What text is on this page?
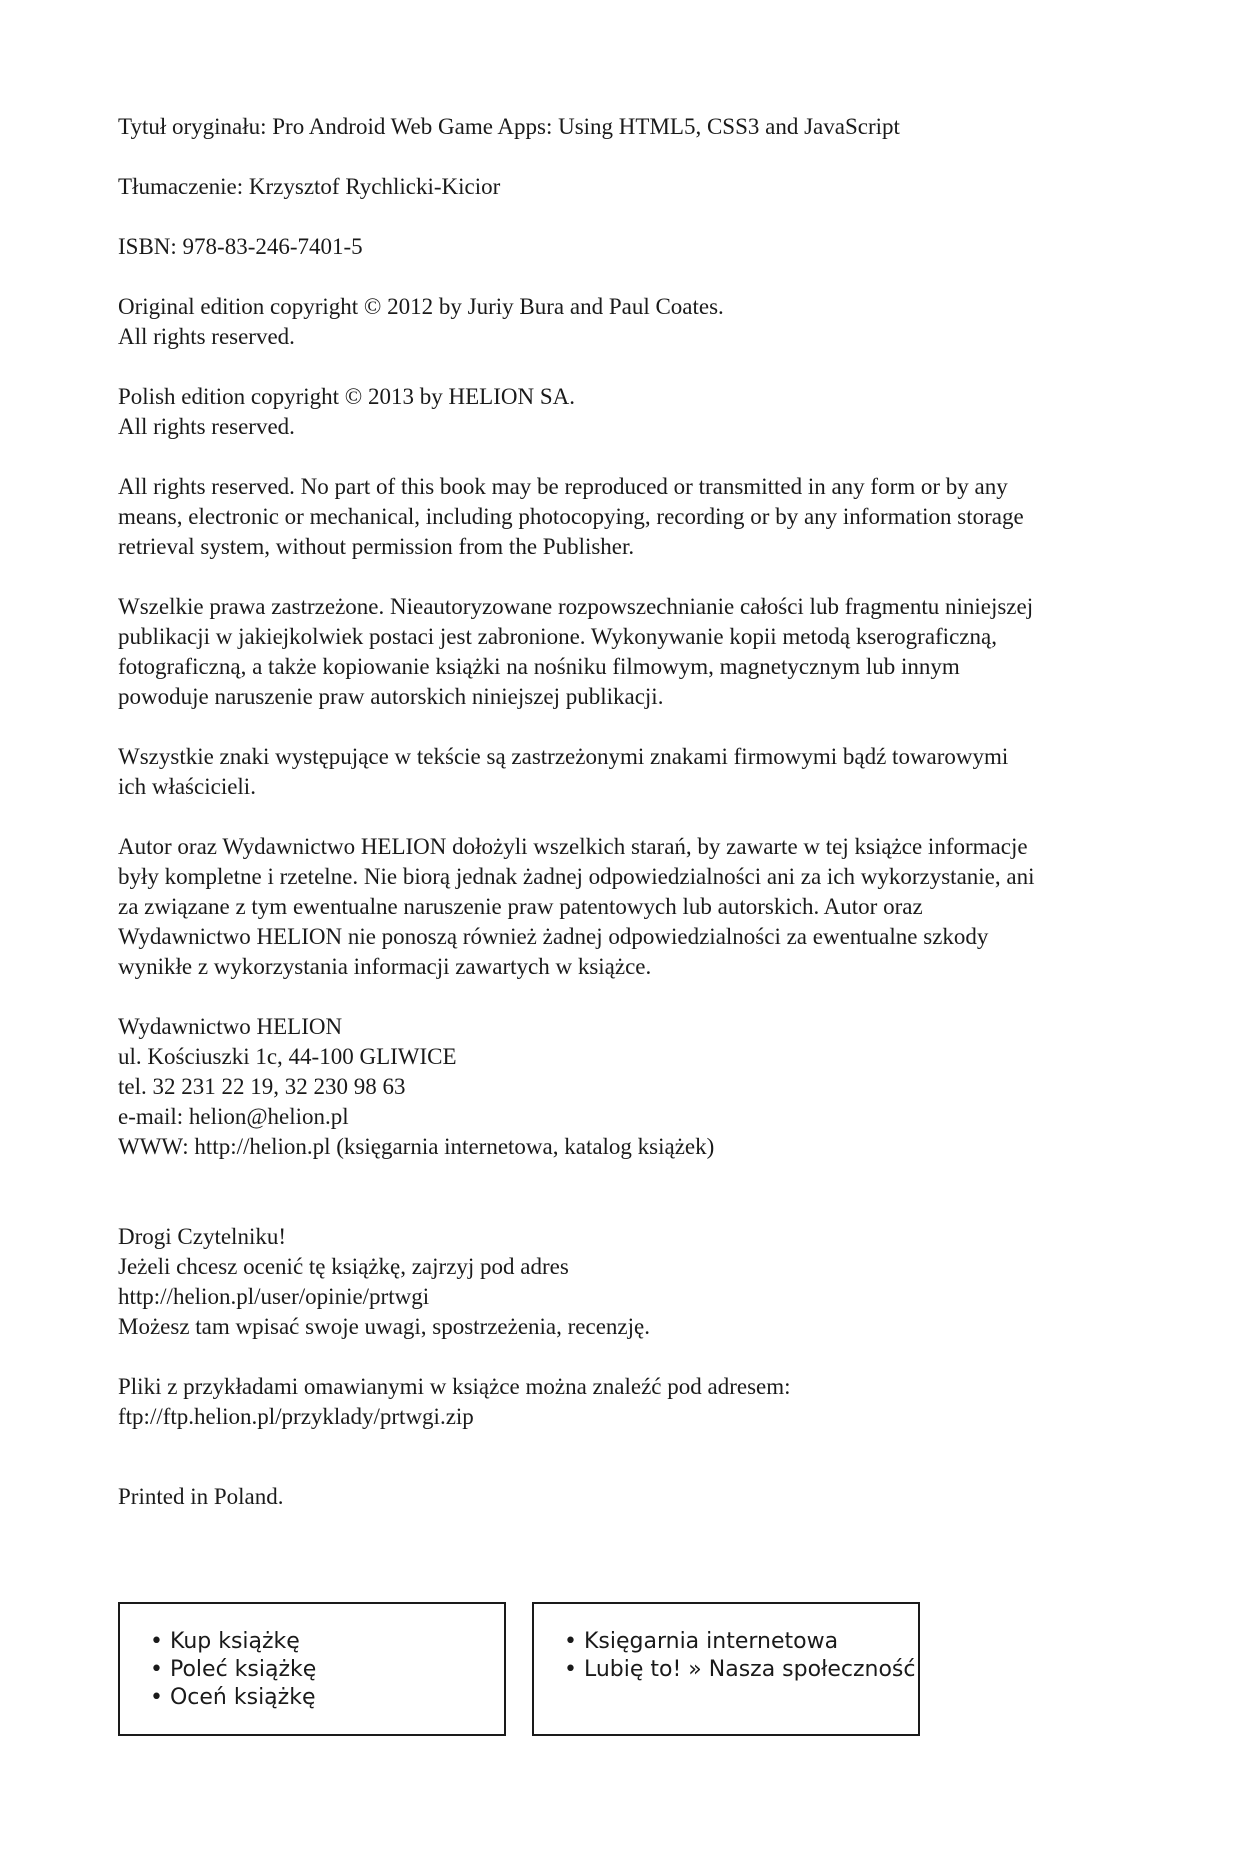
Tytuł oryginału: Pro Android Web Game Apps: Using HTML5, CSS3 and JavaScript
Tłumaczenie: Krzysztof Rychlicki-Kicior
ISBN: 978-83-246-7401-5
Original edition copyright © 2012 by Juriy Bura and Paul Coates.
All rights reserved.
Polish edition copyright © 2013 by HELION SA.
All rights reserved.
All rights reserved. No part of this book may be reproduced or transmitted in any form or by any
means, electronic or mechanical, including photocopying, recording or by any information storage
retrieval system, without permission from the Publisher.
Wszelkie prawa zastrzeżone. Nieautoryzowane rozpowszechnianie całości lub fragmentu niniejszej
publikacji w jakiejkolwiek postaci jest zabronione. Wykonywanie kopii metodą kserograficzną,
fotograficzną, a także kopiowanie książki na nośniku filmowym, magnetycznym lub innym
powoduje naruszenie praw autorskich niniejszej publikacji.
Wszystkie znaki występujące w tekście są zastrzeżonymi znakami firmowymi bądź towarowymi
ich właścicieli.
Autor oraz Wydawnictwo HELION dołożyli wszelkich starań, by zawarte w tej książce informacje
były kompletne i rzetelne. Nie biorą jednak żadnej odpowiedzialności ani za ich wykorzystanie, ani
za związane z tym ewentualne naruszenie praw patentowych lub autorskich. Autor oraz
Wydawnictwo HELION nie ponoszą również żadnej odpowiedzialności za ewentualne szkody
wynikłe z wykorzystania informacji zawartych w książce.
Wydawnictwo HELION
ul. Kościuszki 1c, 44-100 GLIWICE
tel. 32 231 22 19, 32 230 98 63
e-mail: helion@helion.pl
WWW: http://helion.pl (księgarnia internetowa, katalog książek)
Drogi Czytelniku!
Jeżeli chcesz ocenić tę książkę, zajrzyj pod adres
http://helion.pl/user/opinie/prtwgi
Możesz tam wpisać swoje uwagi, spostrzeżenia, recenzję.
Pliki z przykładami omawianymi w książce można znaleźć pod adresem:
ftp://ftp.helion.pl/przyklady/prtwgi.zip
Printed in Poland.
• Kup książkę
• Poleć książkę
• Oceń książkę
• Księgarnia internetowa
• Lubię to! » Nasza społeczność
